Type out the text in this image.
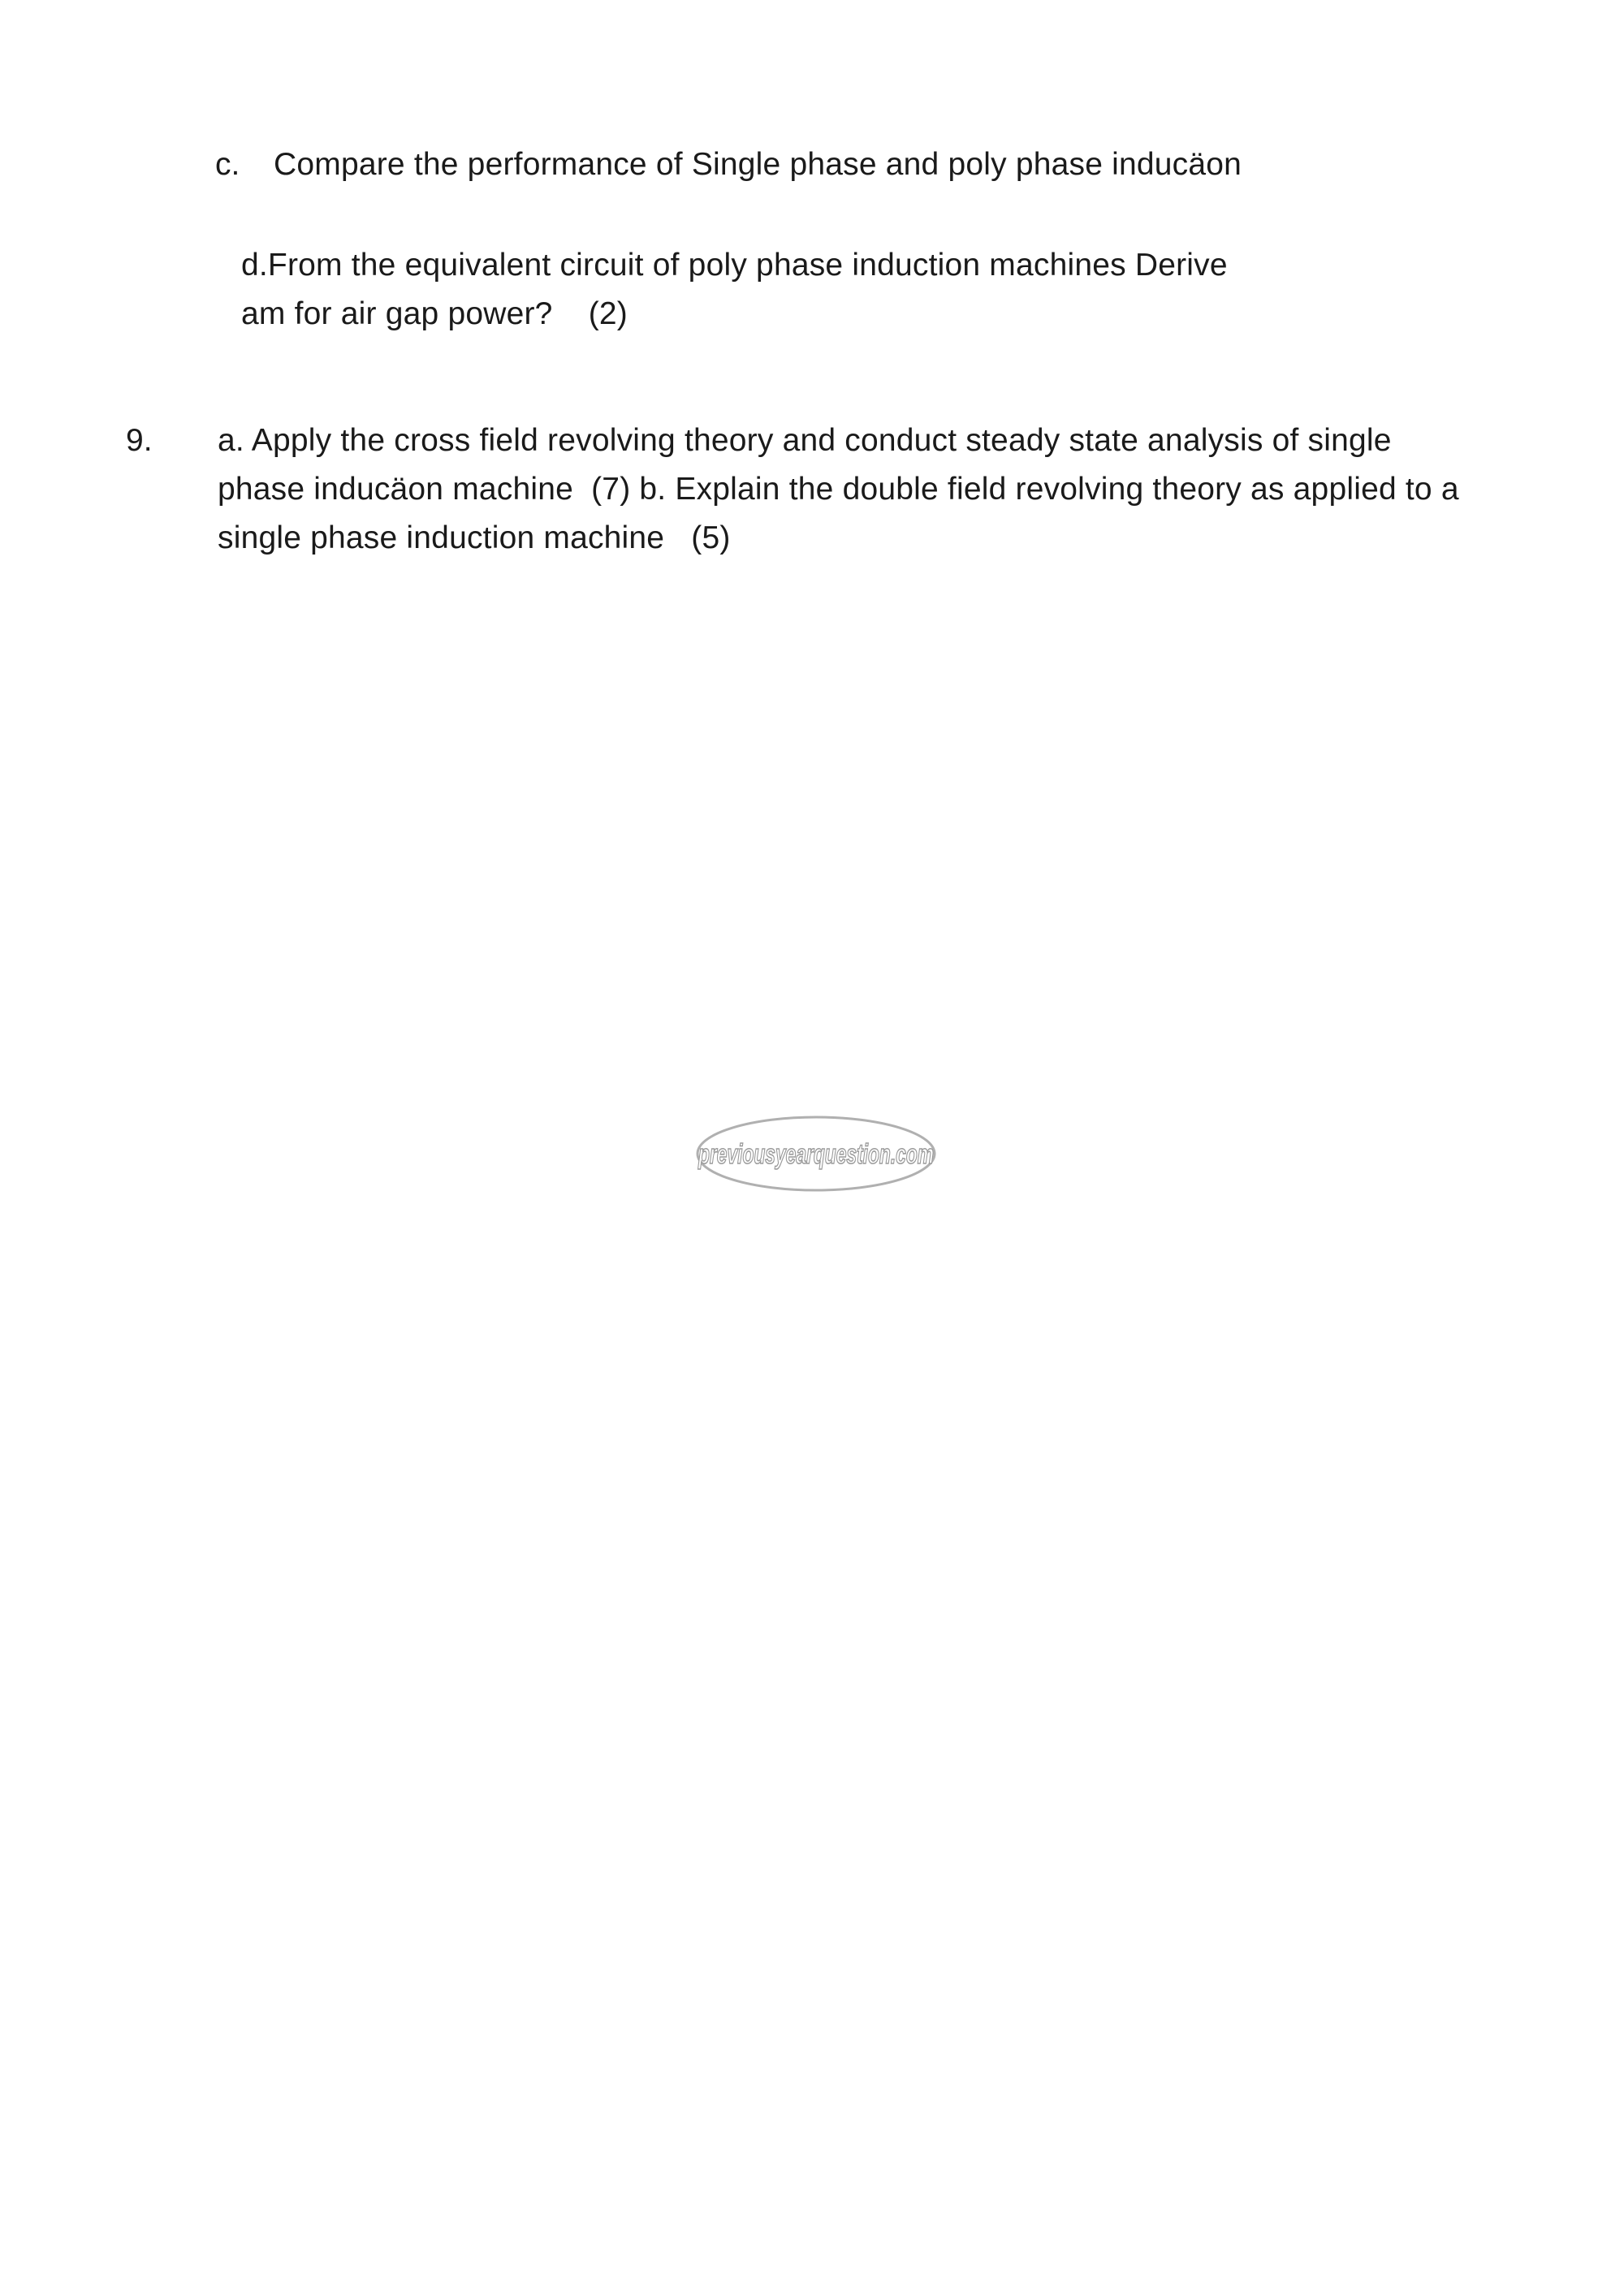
c. Compare the performance of Single phase and poly phase inducäon
d.From the equivalent circuit of poly phase induction machines Derive
am for air gap power?    (2)
9. a. Apply the cross field revolving theory and conduct steady state analysis of single
phase inducäon machine  (7) b. Explain the double field revolving theory as applied to a
single phase induction machine   (5)
previousyearquestion.com
